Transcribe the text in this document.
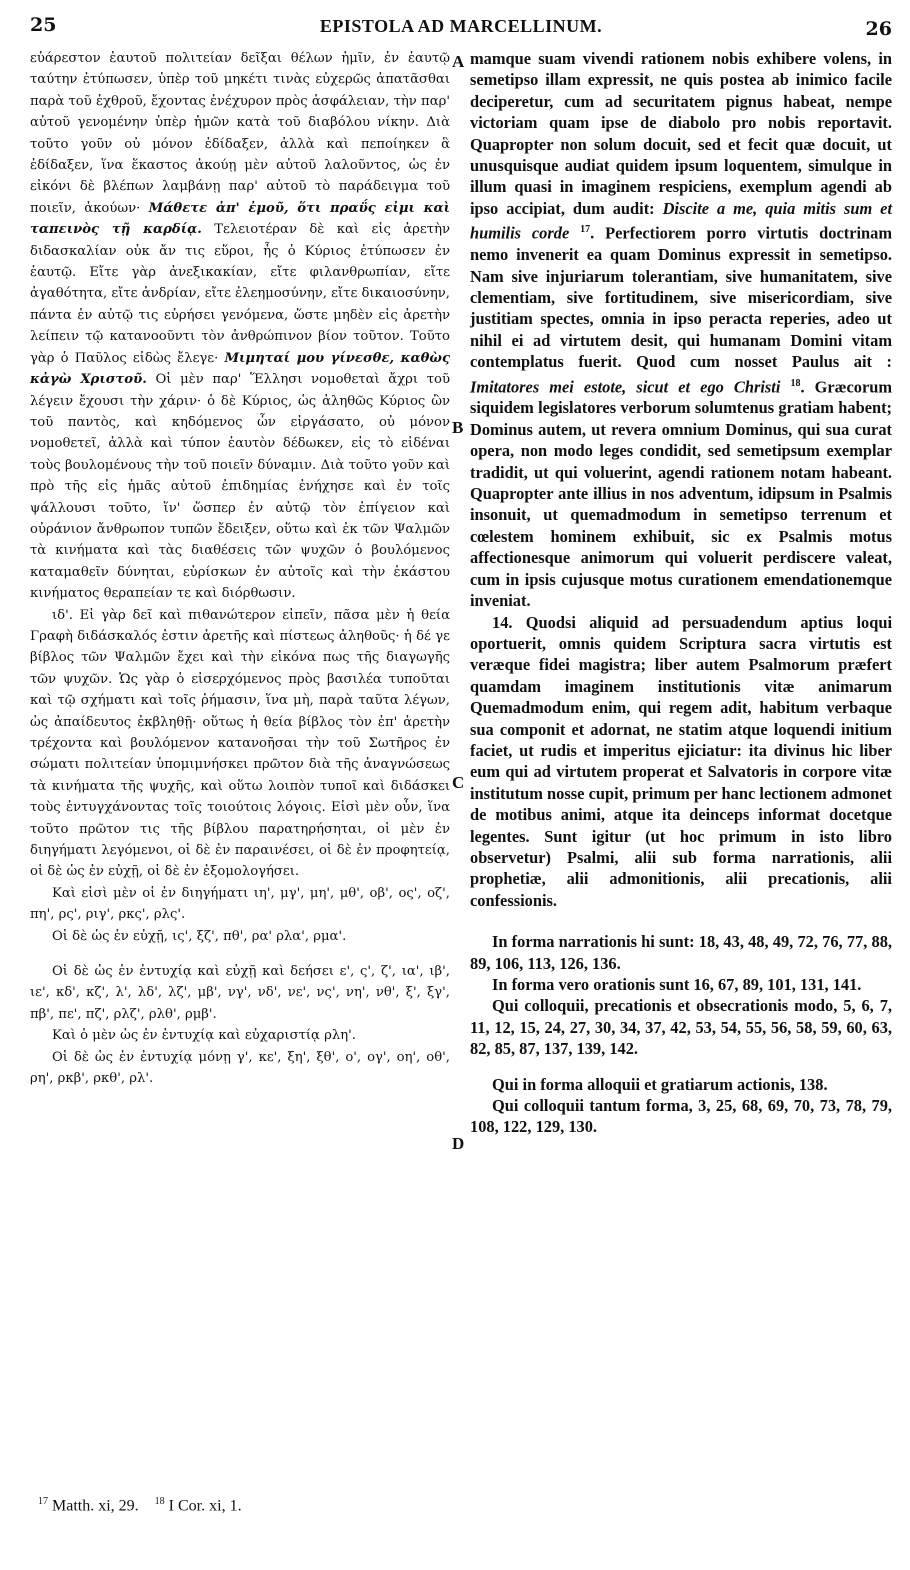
25	EPISTOLA AD MARCELLINUM.	26

εὐάρεστον ἑαυτοῦ πολιτείαν δεῖξαι θέλων ἡμῖν, ἐν ἑαυτῷ ταύτην ἐτύπωσεν, ὑπὲρ τοῦ μηκέτι τινὰς εὐχερῶς ἀπατᾶσθαι παρὰ τοῦ ἐχθροῦ, ἔχοντας ἐνέχυρον πρὸς ἀσφάλειαν, τὴν παρ' αὐτοῦ γενομένην ὑπὲρ ἡμῶν κατὰ τοῦ διαβόλου νίκην. Διὰ τοῦτο γοῦν οὐ μόνον ἐδίδαξεν, ἀλλὰ καὶ πεποίηκεν ἃ ἐδίδαξεν, ἵνα ἕκαστος ἀκούῃ μὲν αὐτοῦ λαλοῦντος, ὡς ἐν εἰκόνι δὲ βλέπων λαμβάνῃ παρ' αὐτοῦ τὸ παράδειγμα τοῦ ποιεῖν, ἀκούων· Μάθετε ἀπ' ἐμοῦ, ὅτι πραΰς εἰμι καὶ ταπεινὸς τῇ καρδίᾳ. Τελειοτέραν δὲ καὶ εἰς ἀρετὴν διδασκαλίαν οὐκ ἄν τις εὕροι, ἧς ὁ Κύριος ἐτύπωσεν ἐν ἑαυτῷ. Εἴτε γὰρ ἀνεξικακίαν, εἴτε φιλανθρωπίαν, εἴτε ἀγαθότητα, εἴτε ἀνδρίαν, εἴτε ἐλεημοσύνην, εἴτε δικαιοσύνην, πάντα ἐν αὐτῷ τις εὑρήσει γενόμενα, ὥστε μηδὲν εἰς ἀρετὴν λείπειν τῷ κατανοοῦντι τὸν ἀνθρώπινον βίον τοῦτον. Τοῦτο γὰρ ὁ Παῦλος εἰδὼς ἔλεγε· Μιμηταί μου γίνεσθε, καθὼς κἀγὼ Χριστοῦ. Οἱ μὲν παρ' Ἕλλησι νομοθεταὶ ἄχρι τοῦ λέγειν ἔχουσι τὴν χάριν· ὁ δὲ Κύριος, ὡς ἀληθῶς Κύριος ὢν τοῦ παντὸς, καὶ κηδόμενος ὧν εἰργάσατο, οὐ μόνον νομοθετεῖ, ἀλλὰ καὶ τύπον ἑαυτὸν δέδωκεν, εἰς τὸ εἰδέναι τοὺς βουλομένους τὴν τοῦ ποιεῖν δύναμιν. Διὰ τοῦτο γοῦν καὶ πρὸ τῆς εἰς ἡμᾶς αὐτοῦ ἐπιδημίας ἐνήχησε καὶ ἐν τοῖς ψάλλουσι τοῦτο, ἵν' ὥσπερ ἐν αὐτῷ τὸν ἐπίγειον καὶ οὐράνιον ἄνθρωπον τυπῶν ἔδειξεν, οὕτω καὶ ἐκ τῶν Ψαλμῶν τὰ κινήματα καὶ τὰς διαθέσεις τῶν ψυχῶν ὁ βουλόμενος καταμαθεῖν δύνηται, εὑρίσκων ἐν αὐτοῖς καὶ τὴν ἑκάστου κινήματος θεραπείαν τε καὶ διόρθωσιν.

ιδ'. Εἰ γὰρ δεῖ καὶ πιθανώτερον εἰπεῖν, πᾶσα μὲν ἡ θεία Γραφὴ διδάσκαλός ἐστιν ἀρετῆς καὶ πίστεως ἀληθοῦς· ἡ δέ γε βίβλος τῶν Ψαλμῶν ἔχει καὶ τὴν εἰκόνα πως τῆς διαγωγῆς τῶν ψυχῶν. Ὡς γὰρ ὁ εἰσερχόμενος πρὸς βασιλέα τυποῦται καὶ τῷ σχήματι καὶ τοῖς ῥήμασιν, ἵνα μὴ, παρὰ ταῦτα λέγων, ὡς ἀπαίδευτος ἐκβληθῇ· οὕτως ἡ θεία βίβλος τὸν ἐπ' ἀρετὴν τρέχοντα καὶ βουλόμενον κατανοῆσαι τὴν τοῦ Σωτῆρος ἐν σώματι πολιτείαν ὑπομιμνήσκει πρῶτον διὰ τῆς ἀναγνώσεως τὰ κινήματα τῆς ψυχῆς, καὶ οὕτω λοιπὸν τυποῖ καὶ διδάσκει τοὺς ἐντυγχάνοντας τοῖς τοιούτοις λόγοις. Εἰσὶ μὲν οὖν, ἵνα τοῦτο πρῶτον τις τῆς βίβλου παρατηρήσηται, οἱ μὲν ἐν διηγήματι λεγόμενοι, οἱ δὲ ἐν παραινέσει, οἱ δὲ ἐν προφητείᾳ, οἱ δὲ ὡς ἐν εὐχῇ, οἱ δὲ ἐν ἐξομολογήσει.

Καὶ εἰσὶ μὲν οἱ ἐν διηγήματι ιη', μγ', μη', μθ', οβ', ος', οζ', πη', ρς', ριγ', ρκς', ρλς'.

Οἱ δὲ ὡς ἐν εὐχῇ, ις', ξζ', πθ', ρα' ρλα', ρμα'.

Οἱ δὲ ὡς ἐν ἐντυχίᾳ καὶ εὐχῇ καὶ δεήσει ε', ς', ζ', ια', ιβ', ιε', κδ', κζ', λ', λδ', λζ', μβ', νγ', νδ', νε', νς', νη', νθ', ξ', ξγ', πβ', πε', πζ', ρλζ', ρλθ', ρμβ'.

Καὶ ὁ μὲν ὡς ἐν ἐντυχίᾳ καὶ εὐχαριστίᾳ ρλη'.

Οἱ δὲ ὡς ἐν ἐντυχίᾳ μόνῃ γ', κε', ξη', ξθ', ο', ογ', οη', οθ', ρη', ρκβ', ρκθ', ρλ'.

A
B
C
D

mamque suam vivendi rationem nobis exhibere volens, in semetipso illam expressit, ne quis postea ab inimico facile deciperetur, cum ad securitatem pignus habeat, nempe victoriam quam ipse de diabolo pro nobis reportavit. Quapropter non solum docuit, sed et fecit quæ docuit, ut unusquisque audiat quidem ipsum loquentem, simulque in illum quasi in imaginem respiciens, exemplum agendi ab ipso accipiat, dum audit: Discite a me, quia mitis sum et humilis corde $^{17}$. Perfectiorem porro virtutis doctrinam nemo invenerit ea quam Dominus expressit in semetipso. Nam sive injuriarum tolerantiam, sive humanitatem, sive clementiam, sive fortitudinem, sive misericordiam, sive justitiam spectes, omnia in ipso peracta reperies, adeo ut nihil ei ad virtutem desit, qui humanam Domini vitam contemplatus fuerit. Quod cum nosset Paulus ait : Imitatores mei estote, sicut et ego Christi $^{18}$. Græcorum siquidem legislatores verborum solumtenus gratiam habent; Dominus autem, ut revera omnium Dominus, qui sua curat opera, non modo leges condidit, sed semetipsum exemplar tradidit, ut qui voluerint, agendi rationem notam habeant. Quapropter ante illius in nos adventum, idipsum in Psalmis insonuit, ut quemadmodum in semetipso terrenum et cœlestem hominem exhibuit, sic ex Psalmis motus affectionesque animorum qui voluerit perdiscere valeat, cum in ipsis cujusque motus curationem emendationemque inveniat.

14. Quodsi aliquid ad persuadendum aptius loqui oportuerit, omnis quidem Scriptura sacra virtutis est veræque fidei magistra; liber autem Psalmorum præfert quamdam imaginem institutionis vitæ animarum Quemadmodum enim, qui regem adit, habitum verbaque sua componit et adornat, ne statim atque loquendi initium faciet, ut rudis et imperitus ejiciatur: ita divinus hic liber eum qui ad virtutem properat et Salvatoris in corpore vitæ institutum nosse cupit, primum per hanc lectionem admonet de motibus animi, atque ita deinceps informat docetque legentes. Sunt igitur (ut hoc primum in isto libro observetur) Psalmi, alii sub forma narrationis, alii prophetiæ, alii admonitionis, alii precationis, alii confessionis.

In forma narrationis hi sunt: 18, 43, 48, 49, 72, 76, 77, 88, 89, 106, 113, 126, 136.

In forma vero orationis sunt 16, 67, 89, 101, 131, 141.

Qui colloquii, precationis et obsecrationis modo, 5, 6, 7, 11, 12, 15, 24, 27, 30, 34, 37, 42, 53, 54, 55, 56, 58, 59, 60, 63, 82, 85, 87, 137, 139, 142.

Qui in forma alloquii et gratiarum actionis, 138.

Qui colloquii tantum forma, 3, 25, 68, 69, 70, 73, 78, 79, 108, 122, 129, 130.

$^{17}$ Matth. xi, 29. $^{18}$ I Cor. xi, 1.
